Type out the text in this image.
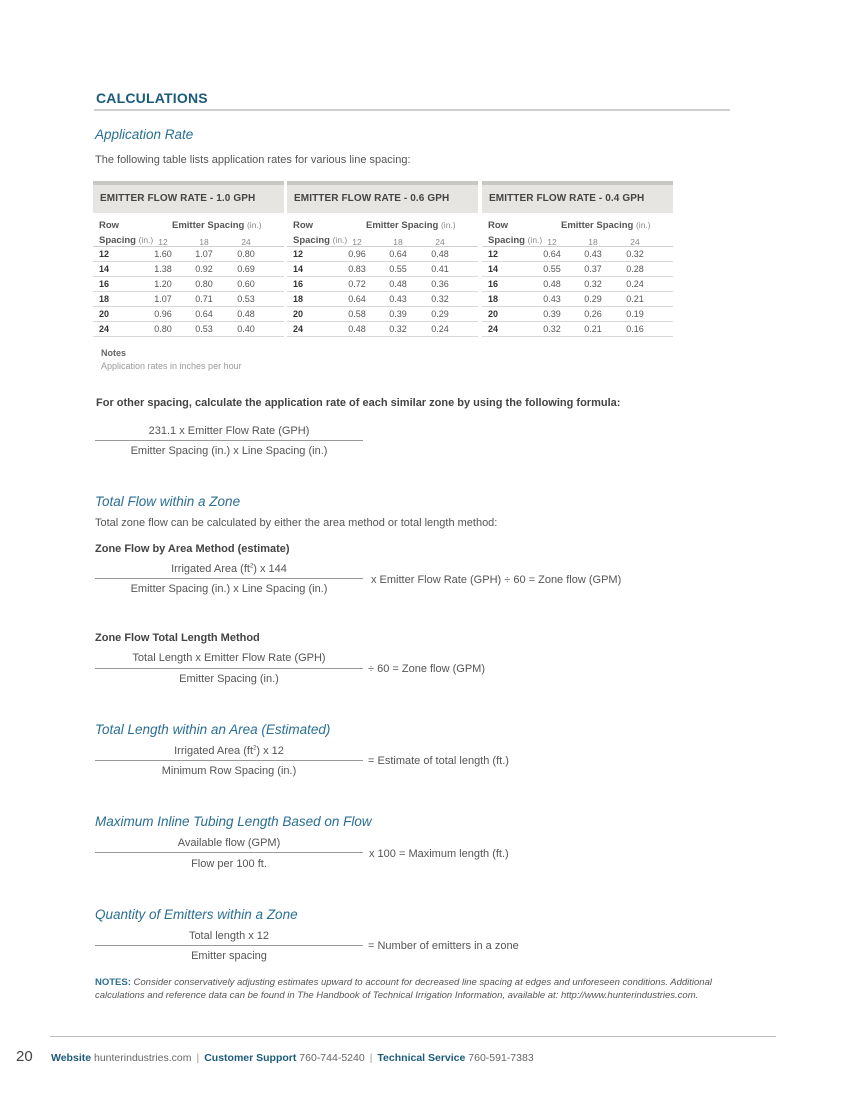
CALCULATIONS
Application Rate
The following table lists application rates for various line spacing:
EMITTER FLOW RATE - 1.0 GPH
Row
Spacing (in.)
Emitter Spacing (in.)
12	18	24
12	1.60	1.07	0.80
14	1.38	0.92	0.69
16	1.20	0.80	0.60
18	1.07	0.71	0.53
20	0.96	0.64	0.48
24	0.80	0.53	0.40
EMITTER FLOW RATE - 0.6 GPH
Row
Spacing (in.)
Emitter Spacing (in.)
12	18	24
12	0.96	0.64	0.48
14	0.83	0.55	0.41
16	0.72	0.48	0.36
18	0.64	0.43	0.32
20	0.58	0.39	0.29
24	0.48	0.32	0.24
EMITTER FLOW RATE - 0.4 GPH
Row
Spacing (in.)
Emitter Spacing (in.)
12	18	24
12	0.64	0.43	0.32
14	0.55	0.37	0.28
16	0.48	0.32	0.24
18	0.43	0.29	0.21
20	0.39	0.26	0.19
24	0.32	0.21	0.16
Notes
Application rates in inches per hour
For other spacing, calculate the application rate of each similar zone by using the following formula:
231.1 x Emitter Flow Rate (GPH)
Emitter Spacing (in.) x Line Spacing (in.)
Total Flow within a Zone
Total zone flow can be calculated by either the area method or total length method:
Zone Flow by Area Method (estimate)
Irrigated Area $(ft^2)$ x 144
Emitter Spacing (in.) x Line Spacing (in.)
x Emitter Flow Rate (GPH) ÷ 60 = Zone flow (GPM)
Zone Flow Total Length Method
Total Length x Emitter Flow Rate (GPH)
Emitter Spacing (in.)
÷ 60 = Zone flow (GPM)
Total Length within an Area (Estimated)
Irrigated Area $(ft^2)$ x 12
Minimum Row Spacing (in.)
= Estimate of total length (ft.)
Maximum Inline Tubing Length Based on Flow
Available flow (GPM)
Flow per 100 ft.
x 100 = Maximum length (ft.)
Quantity of Emitters within a Zone
Total length x 12
Emitter spacing
= Number of emitters in a zone
NOTES: Consider conservatively adjusting estimates upward to account for decreased line spacing at edges and unforeseen conditions. Additional calculations and reference data can be found in The Handbook of Technical Irrigation Information, available at: http://www.hunterindustries.com.
20 Website hunterindustries.com | Customer Support 760-744-5240 | Technical Service 760-591-7383
